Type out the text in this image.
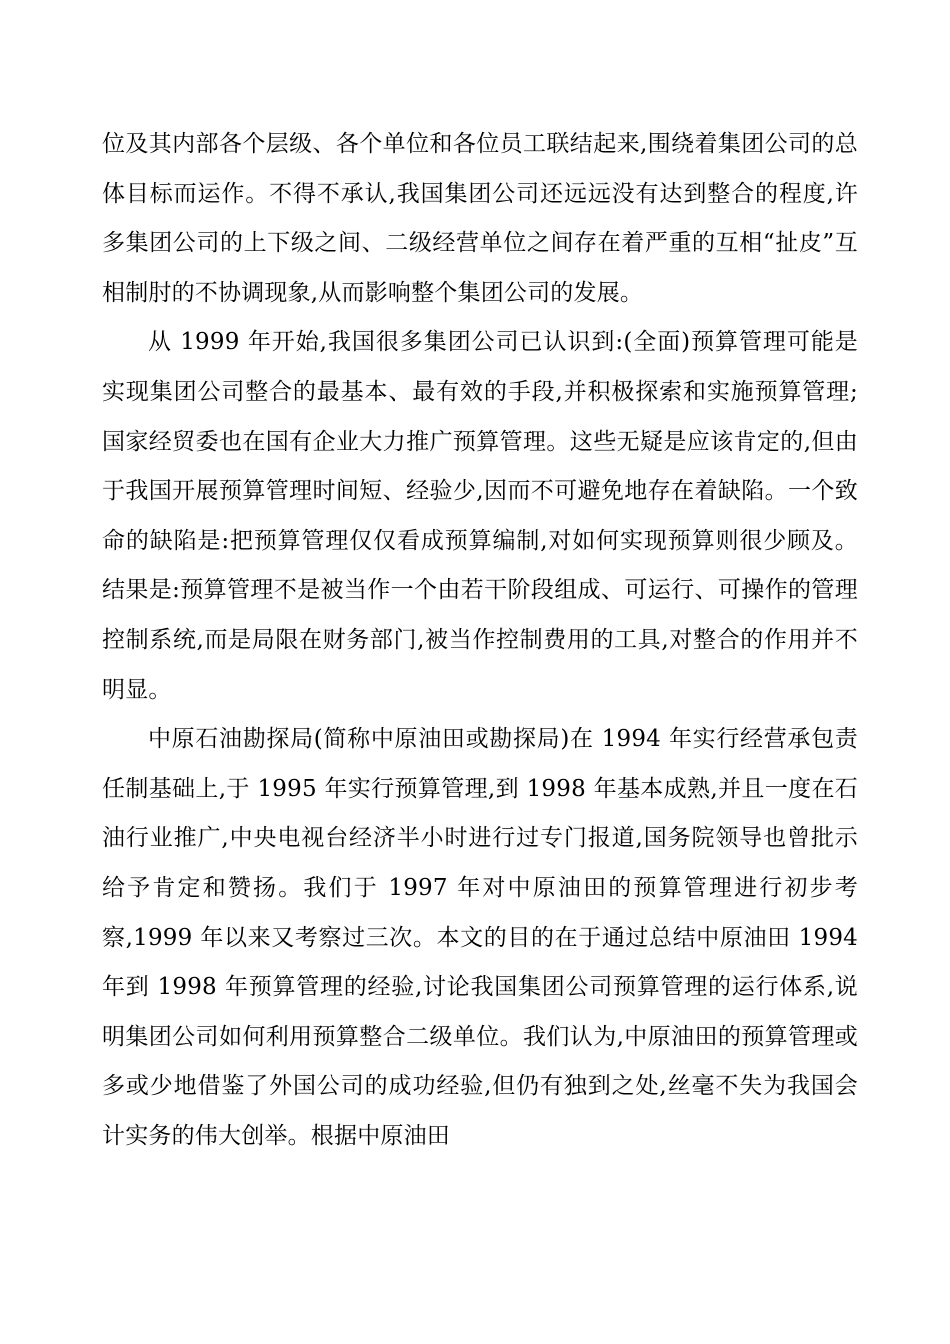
位及其内部各个层级、各个单位和各位员工联结起来,围绕着集团公司的总体目标而运作。不得不承认,我国集团公司还远远没有达到整合的程度,许多集团公司的上下级之间、二级经营单位之间存在着严重的互相“扯皮”互相制肘的不协调现象,从而影响整个集团公司的发展。

从 1999 年开始,我国很多集团公司已认识到:(全面)预算管理可能是实现集团公司整合的最基本、最有效的手段,并积极探索和实施预算管理;国家经贸委也在国有企业大力推广预算管理。这些无疑是应该肯定的,但由于我国开展预算管理时间短、经验少,因而不可避免地存在着缺陷。一个致命的缺陷是:把预算管理仅仅看成预算编制,对如何实现预算则很少顾及。结果是:预算管理不是被当作一个由若干阶段组成、可运行、可操作的管理控制系统,而是局限在财务部门,被当作控制费用的工具,对整合的作用并不明显。

中原石油勘探局(简称中原油田或勘探局)在 1994 年实行经营承包责任制基础上,于 1995 年实行预算管理,到 1998 年基本成熟,并且一度在石油行业推广,中央电视台经济半小时进行过专门报道,国务院领导也曾批示给予肯定和赞扬。我们于 1997 年对中原油田的预算管理进行初步考察,1999 年以来又考察过三次。本文的目的在于通过总结中原油田 1994 年到 1998 年预算管理的经验,讨论我国集团公司预算管理的运行体系,说明集团公司如何利用预算整合二级单位。我们认为,中原油田的预算管理或多或少地借鉴了外国公司的成功经验,但仍有独到之处,丝毫不失为我国会计实务的伟大创举。根据中原油田
